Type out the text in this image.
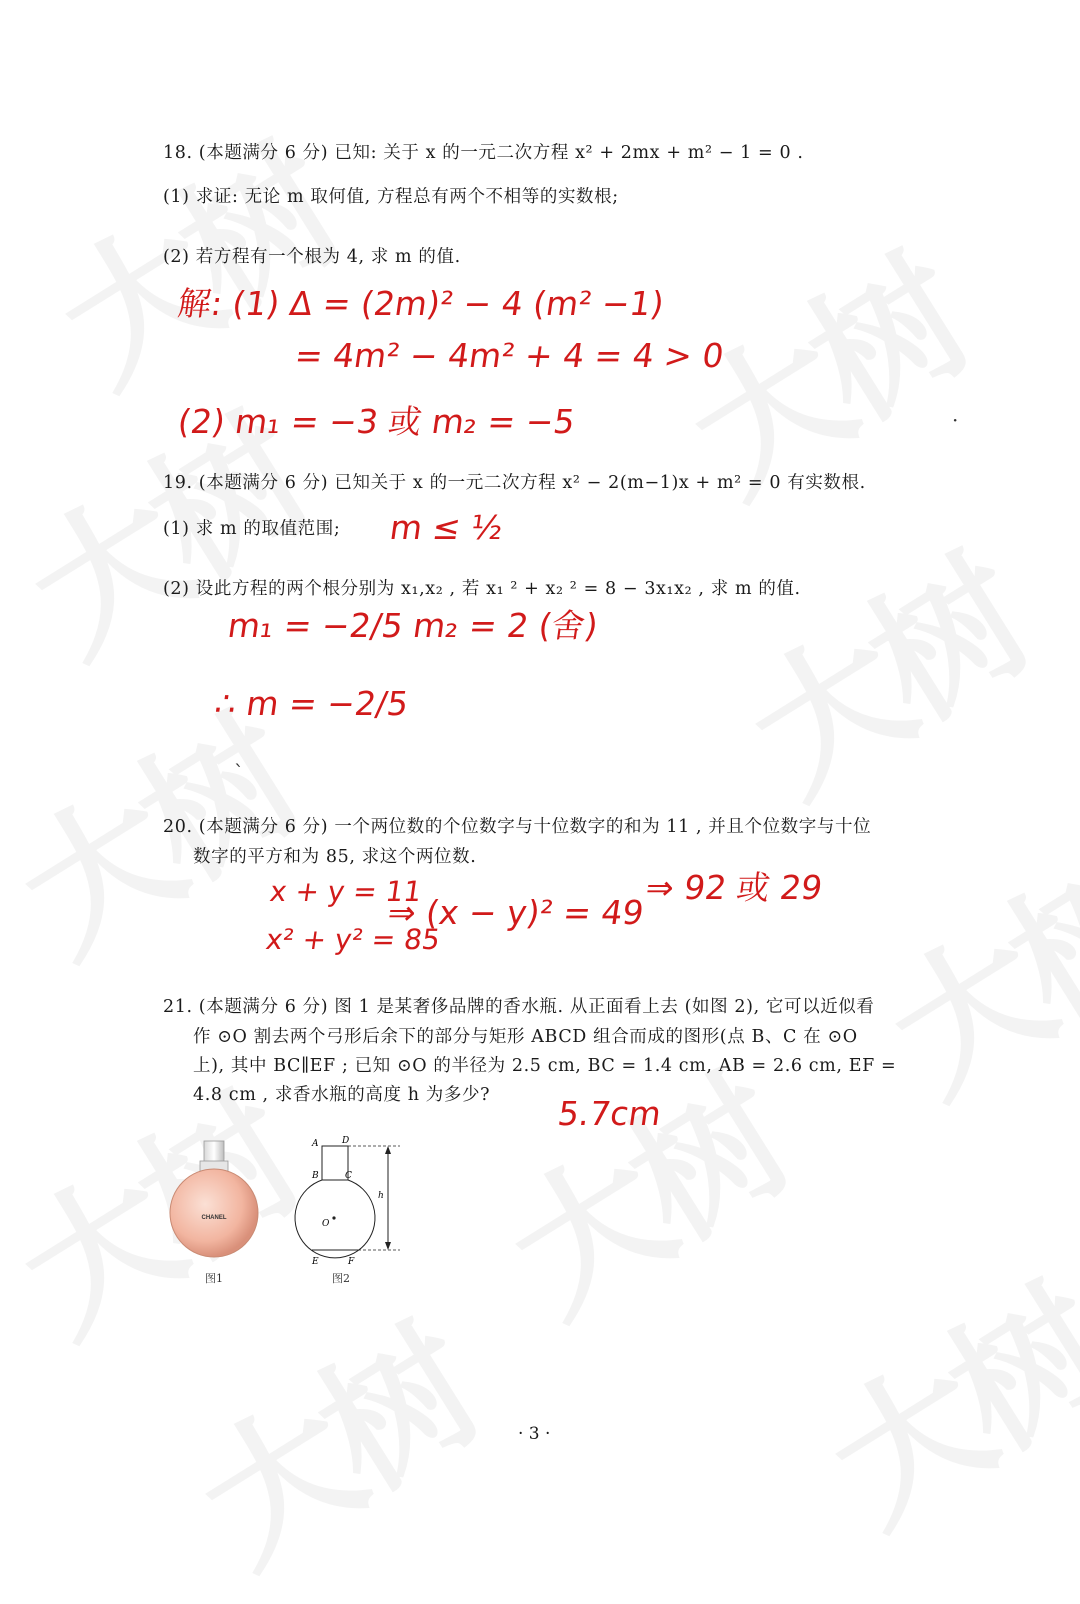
18. (本题满分 6 分) 已知: 关于 x 的一元二次方程 x² + 2mx + m² − 1 = 0 .
(1) 求证: 无论 m 取何值, 方程总有两个不相等的实数根;
(2) 若方程有一个根为 4, 求 m 的值.
解: (1) Δ = (2m)² − 4 (m² −1)
= 4m² − 4m² + 4 = 4 > 0
(2) m₁ = −3 或 m₂ = −5	·
19. (本题满分 6 分) 已知关于 x 的一元二次方程 x² − 2(m−1)x + m² = 0 有实数根.
(1) 求 m 的取值范围; m ≤ ½
(2) 设此方程的两个根分别为 x₁,x₂ , 若 x₁ ² + x₂ ² = 8 − 3x₁x₂ , 求 m 的值.
m₁ = −2/5 m₂ = 2 (舍)
∴ m = −2/5
`
20. (本题满分 6 分) 一个两位数的个位数字与十位数字的和为 11 , 并且个位数字与十位
数字的平方和为 85, 求这个两位数.
x + y = 11
x² + y² = 85
⇒ (x − y)² = 49
⇒ 92 或 29
21. (本题满分 6 分) 图 1 是某奢侈品牌的香水瓶. 从正面看上去 (如图 2), 它可以近似看
作 ⊙O 割去两个弓形后余下的部分与矩形 ABCD 组合而成的图形(点 B、C 在 ⊙O
上), 其中 BC∥EF ; 已知 ⊙O 的半径为 2.5 cm, BC = 1.4 cm, AB = 2.6 cm, EF =
4.8 cm , 求香水瓶的高度 h 为多少? 5.7cm
CHANEL
图1
A	D
B	C
O
E	F
h
图2
· 3 ·
